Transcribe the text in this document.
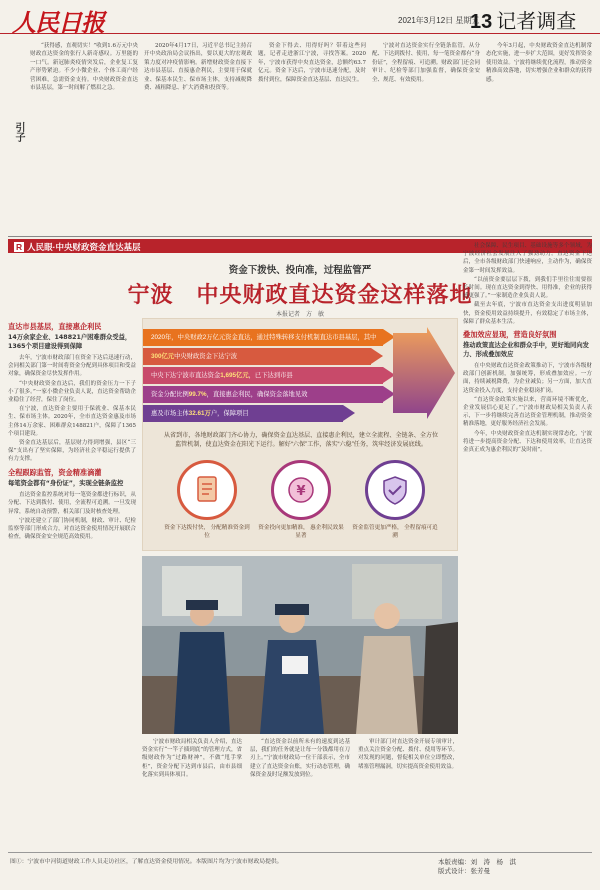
人民日报	2021年3月12日 星期五
13 记者调查
引子

“获得感，直观切实！”收到1.6万元中央财政直达资金的张行人新奇感叹。万里能的一口气。新冠肺炎疫情突发后，企业复工复产形势紧迫。不少小微企业、个体工商户经营困难，急需资金支持。中央财政资金直达市县基层，第一时间解了燃眉之急。

2020年4月17日，习近平总书记主持召开中央政治局会议指出，要以更大的宏观政策力度对冲疫情影响。新增财政资金直接下达市县基层、直接惠企利民，主要用于保就业、保基本民生、保市场主体，支持减税降费、减租降息、扩大消费和投资等。

资金下得去、用得好吗？带着这些问题，记者走进浙江宁波，寻找答案。2020年，宁波市获得中央直达资金，总额约63.7亿元。资金下达后，宁波市迅速分配，及时拨付到位，保障资金直达基层、直达民生。

宁波对直达资金实行全链条监管，从分配、下达到拨付、使用，每一笔资金都有“身份证”，全程留痕、可追溯。财政部门还会同审计、纪检等部门加强监督，确保资金安全、规范、有效使用。

今年3月起，中央财政资金直达机制常态化实施，进一步扩大范围，更好发挥资金使用效益。宁波将继续优化流程，推动资金精准高效落地，切实增强企业和群众的获得感。

R 人民眼·中央财政资金直达基层
资金下拨快、投向准，过程监管严
宁波　中央财政直达资金这样落地
本报记者　方　敏
直达市县基层，直接惠企利民
14万余家企业、148821户困难群众受益，1365个项目建设得到保障

去年，宁波市财政部门在资金下达后迅速行动，会同相关部门第一时间将资金分配到具体项目和受益对象，确保资金尽快发挥作用。

“中央财政资金直达后，我们的资金压力一下子小了很多。”一家小微企业负责人说，直达资金帮助企业稳住了经营，保住了岗位。

在宁波，直达资金主要用于保就业、保基本民生、保市场主体。2020年，全市直达资金惠及市场主体14万余家、困难群众148821户，保障了1365个项目建设。

资金直达基层后，基层财力得到增强，县区“三保”支出有了坚实保障，为经济社会平稳运行提供了有力支撑。

全程跟踪监管，资金精准滴灌
每笔资金都有“身份证”，实现全链条监控

直达资金监控系统对每一笔资金都进行标识，从分配、下达到拨付、使用，全流程可追溯。一旦发现异常，系统自动预警，相关部门及时核查处理。

宁波还建立了部门协同机制，财政、审计、纪检监察等部门形成合力，对直达资金使用情况开展联合检查，确保资金安全规范高效使用。

2020年，中央财政2万亿元资金直达，通过特殊转移支付机制直达市县基层，其中
300亿元中央财政资金下达宁波
中央下达宁波市直达资金1,695亿元，已下达到市县
资金分配比例99.7%，直接惠企利民，确保资金落地见效
惠及市场主体32.61万户，保障项目
从省到市，各地财政部门齐心协力，确保资金直达基层、直接惠企利民，建立全流程、全链条、全方位监管机制，使直达资金在阳光下运行。解好“六保”工作，落实“六稳”任务，筑牢经济发展底线。
¥
资金下达拨付快， 分配精准资金到位
资金投向更加精准， 惠企利民效果显著
资金监管更加严格， 全程留痕可追溯

宁波市财政局相关负责人介绍，直达资金实行“一竿子插到底”的管理方式，省级财政作为“过路财神”，不做“甩手掌柜”，资金分配下达到市县后，由市县细化落实到具体项目。

“直达资金以前所未有的速度到达基层，我们的任务就是让每一分钱都用在刀刃上。”宁波市财政局一位干部表示，全市建立了直达资金台账，实行动态管理，确保资金及时足额发放到位。

审计部门对直达资金开展专项审计，重点关注资金分配、拨付、使用等环节。对发现的问题，督促相关单位立即整改，堵塞管理漏洞，切实提高资金使用效益。

社会保障、民生项目、基础设施等多个领域，为宁波经济社会发展注入了强劲动力。直达资金下达后，全市各级财政部门快速响应，主动作为，确保资金第一时间发挥效益。

“以前资金要层层下拨，到我们手里往往需要很长时间。现在直达资金到得快、用得准，企业的获得感更强了。”一家制造企业负责人说。

截至去年底，宁波市直达资金支出进度明显加快，资金使用效益持续提升，有效稳定了市场主体，保障了群众基本生活。

叠加效应显现，营造良好氛围
推动政策直达企业和群众手中，更好地同向发力、形成叠加效应

在中央财政直达资金政策推动下，宁波市各级财政部门创新机制，加强统筹，形成叠加效应。一方面，持续减税降费，为企业减负；另一方面，加大直达资金投入力度，支持企业稳岗扩岗。

“直达资金政策实施以来，营商环境不断优化，企业发展信心更足了。”宁波市财政局相关负责人表示，下一步将继续完善直达资金管理机制，推动资金精准落地，更好服务经济社会发展。

今年，中央财政资金直达机制实现常态化，宁波将进一步提高资金分配、下达和使用效率，让直达资金真正成为惠企利民的“及时雨”。

图①：宁波市中河街道财政工作人员走访社区，了解直达资金使用情况。本版图片均为宁波市财政局提供。	本版责编：刘　涛　杨　淇
版式设计：张芳曼
